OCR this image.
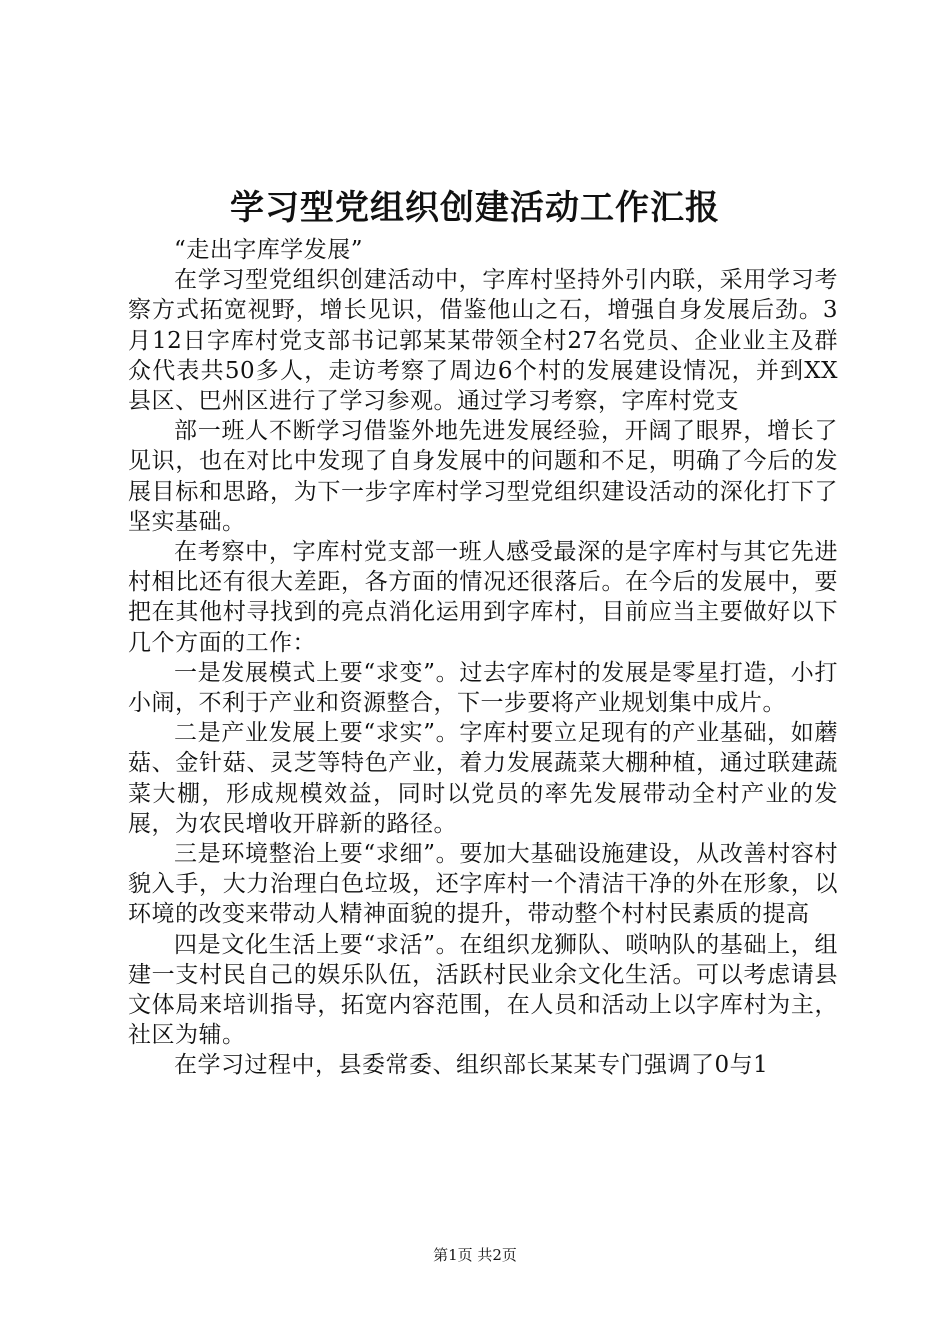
学习型党组织创建活动工作汇报

“走出字库学发展”

在学习型党组织创建活动中，字库村坚持外引内联，采用学习考察方式拓宽视野，增长见识，借鉴他山之石，增强自身发展后劲。3月12日字库村党支部书记郭某某带领全村27名党员、企业业主及群众代表共50多人，走访考察了周边6个村的发展建设情况，并到XX县区、巴州区进行了学习参观。通过学习考察，字库村党支

部一班人不断学习借鉴外地先进发展经验，开阔了眼界，增长了见识，也在对比中发现了自身发展中的问题和不足，明确了今后的发展目标和思路，为下一步字库村学习型党组织建设活动的深化打下了坚实基础。

在考察中，字库村党支部一班人感受最深的是字库村与其它先进村相比还有很大差距，各方面的情况还很落后。在今后的发展中，要把在其他村寻找到的亮点消化运用到字库村，目前应当主要做好以下几个方面的工作：

一是发展模式上要“求变”。过去字库村的发展是零星打造，小打小闹，不利于产业和资源整合，下一步要将产业规划集中成片。

二是产业发展上要“求实”。字库村要立足现有的产业基础，如蘑菇、金针菇、灵芝等特色产业，着力发展蔬菜大棚种植，通过联建蔬菜大棚，形成规模效益，同时以党员的率先发展带动全村产业的发展，为农民增收开辟新的路径。

三是环境整治上要“求细”。要加大基础设施建设，从改善村容村貌入手，大力治理白色垃圾，还字库村一个清洁干净的外在形象，以环境的改变来带动人精神面貌的提升，带动整个村村民素质的提高

四是文化生活上要“求活”。在组织龙狮队、唢呐队的基础上，组建一支村民自己的娱乐队伍，活跃村民业余文化生活。可以考虑请县文体局来培训指导，拓宽内容范围，在人员和活动上以字库村为主，社区为辅。

在学习过程中，县委常委、组织部长某某专门强调了0与1

第1页 共2页
